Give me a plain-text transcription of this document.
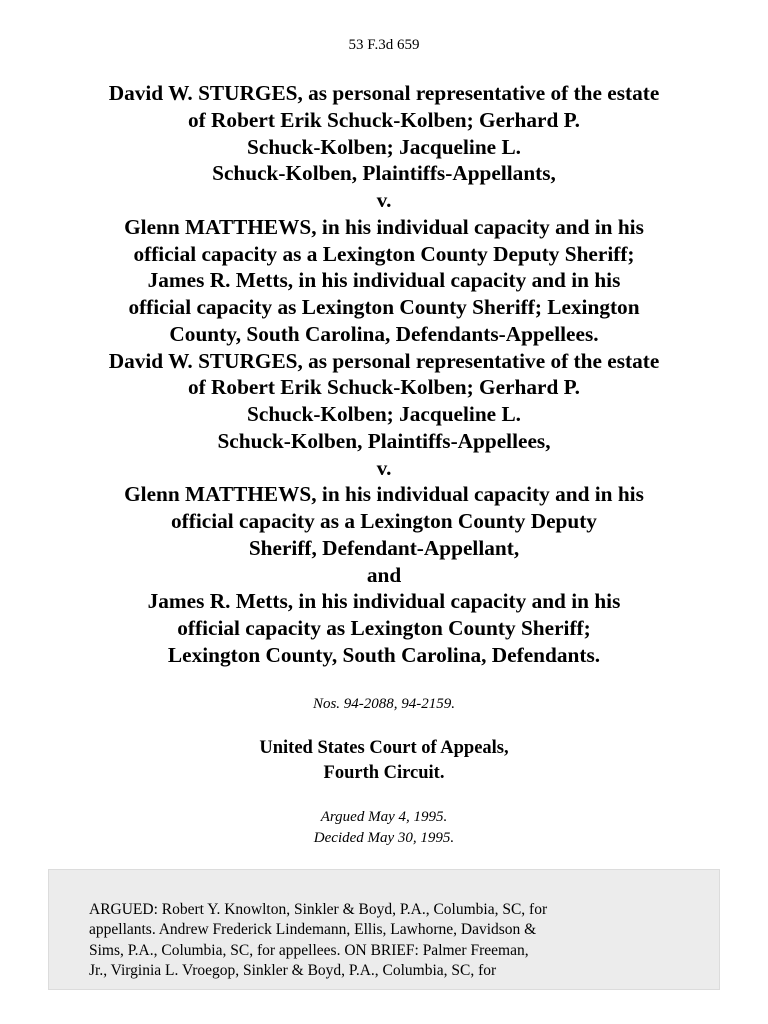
53 F.3d 659
David W. STURGES, as personal representative of the estate
of Robert Erik Schuck-Kolben; Gerhard P.
Schuck-Kolben; Jacqueline L.
Schuck-Kolben, Plaintiffs-Appellants,
v.
Glenn MATTHEWS, in his individual capacity and in his
official capacity as a Lexington County Deputy Sheriff;
James R. Metts, in his individual capacity and in his
official capacity as Lexington County Sheriff; Lexington
County, South Carolina, Defendants-Appellees.
David W. STURGES, as personal representative of the estate
of Robert Erik Schuck-Kolben; Gerhard P.
Schuck-Kolben; Jacqueline L.
Schuck-Kolben, Plaintiffs-Appellees,
v.
Glenn MATTHEWS, in his individual capacity and in his
official capacity as a Lexington County Deputy
Sheriff, Defendant-Appellant,
and
James R. Metts, in his individual capacity and in his
official capacity as Lexington County Sheriff;
Lexington County, South Carolina, Defendants.
Nos. 94-2088, 94-2159.
United States Court of Appeals,
Fourth Circuit.
Argued May 4, 1995.
Decided May 30, 1995.
ARGUED: Robert Y. Knowlton, Sinkler & Boyd, P.A., Columbia, SC, for
appellants. Andrew Frederick Lindemann, Ellis, Lawhorne, Davidson &
Sims, P.A., Columbia, SC, for appellees. ON BRIEF: Palmer Freeman,
Jr., Virginia L. Vroegop, Sinkler & Boyd, P.A., Columbia, SC, for
